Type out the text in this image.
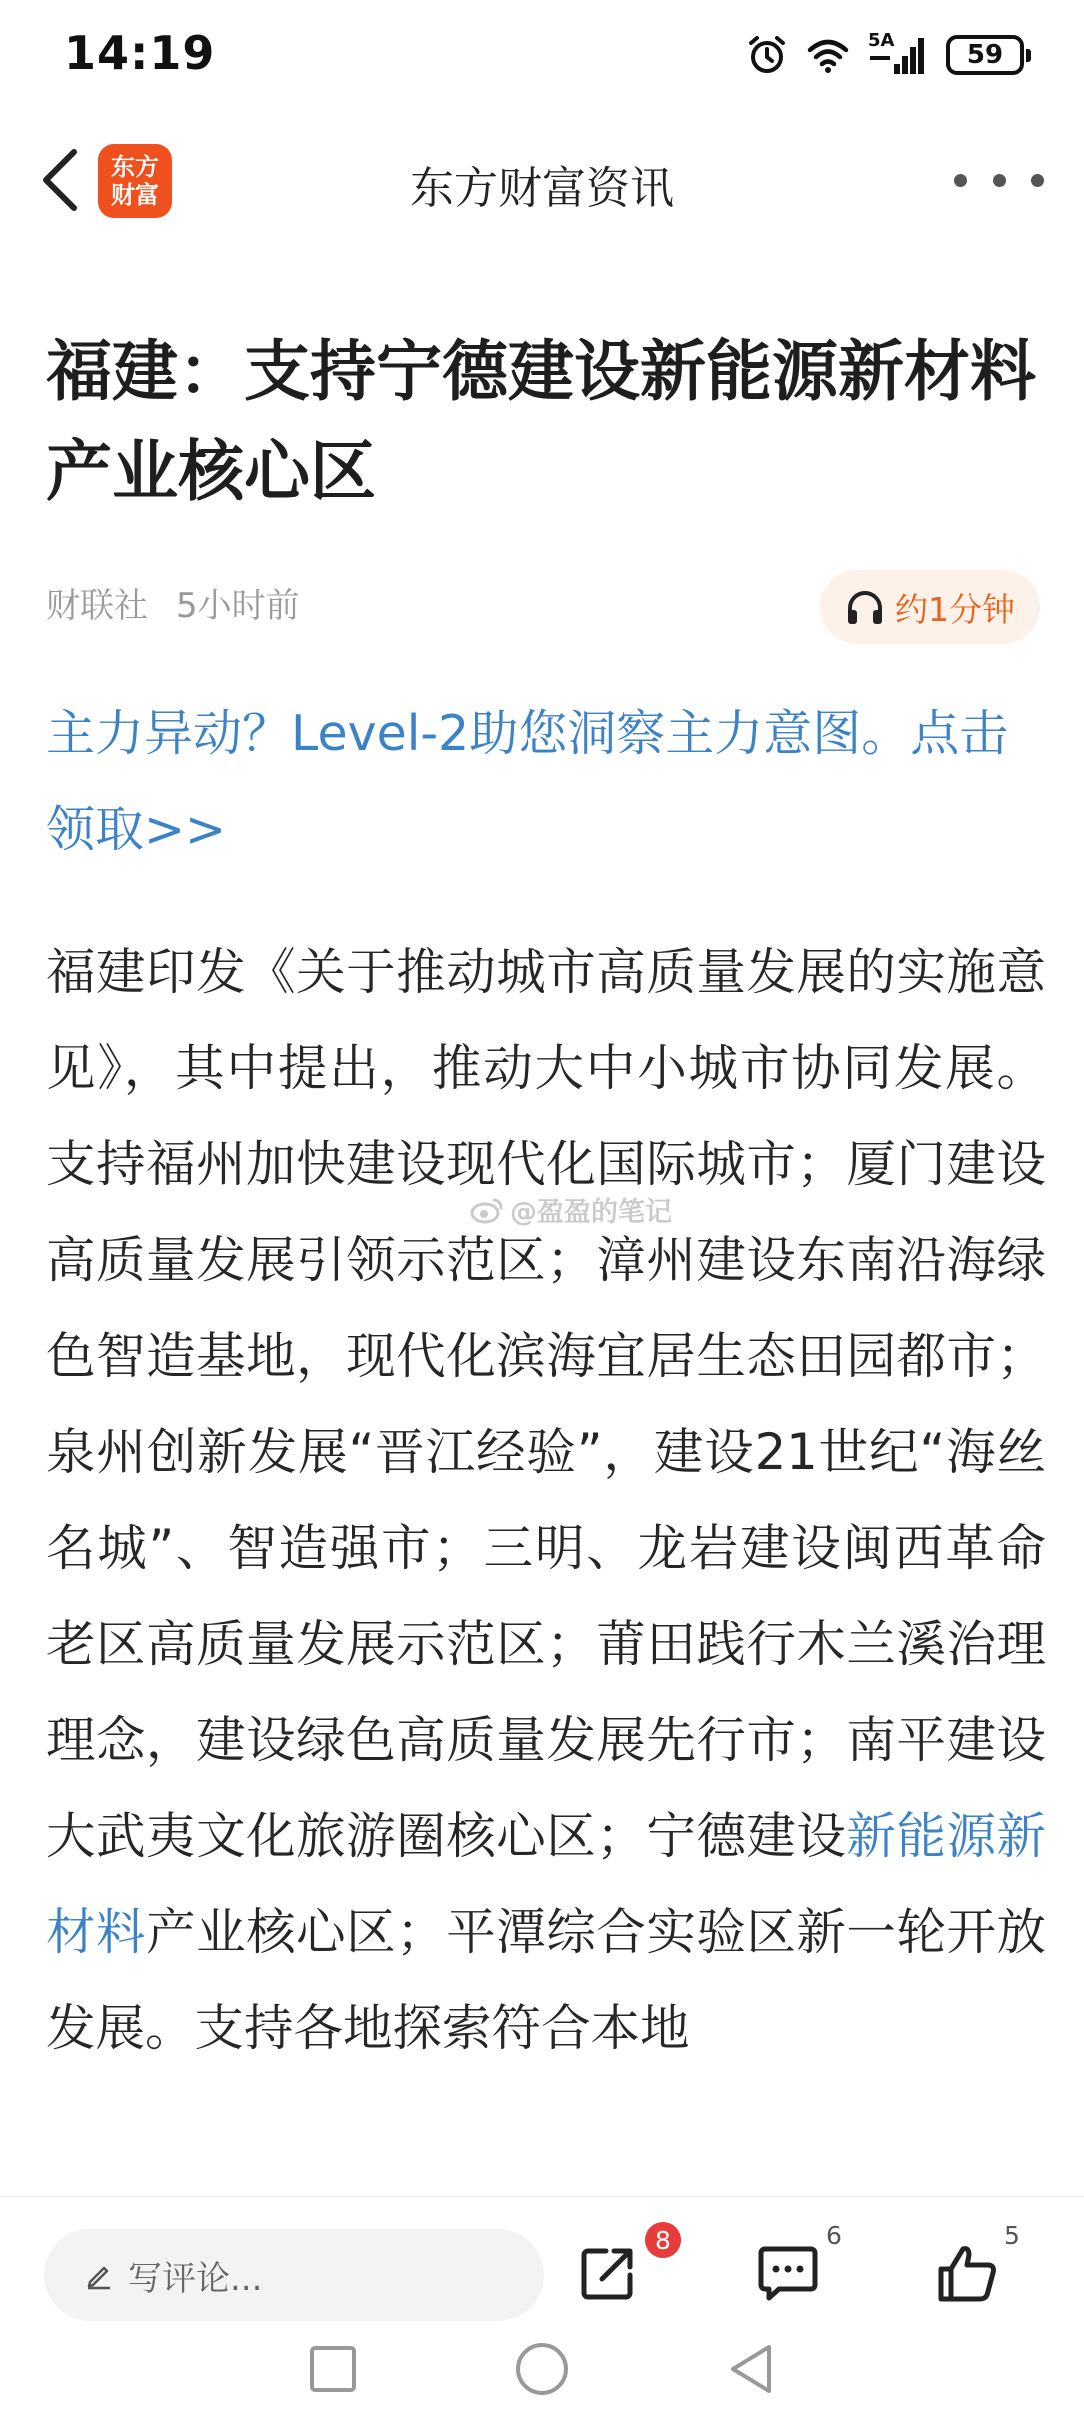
14:19	5A	59
东方
财富	东方财富资讯
福建：支持宁德建设新能源新材料产业核心区
财联社 5小时前	约1分钟
主力异动？Level-2助您洞察主力意图。点击领取>>
福建印发《关于推动城市高质量发展的实施意见》，其中提出，推动大中小城市协同发展。支持福州加快建设现代化国际城市；厦门建设高质量发展引领示范区；漳州建设东南沿海绿色智造基地，现代化滨海宜居生态田园都市；泉州创新发展“晋江经验”，建设21世纪“海丝名城”、智造强市；三明、龙岩建设闽西革命老区高质量发展示范区；莆田践行木兰溪治理理念，建设绿色高质量发展先行市；南平建设大武夷文化旅游圈核心区；宁德建设新能源新材料产业核心区；平潭综合实验区新一轮开放发展。支持各地探索符合本地
@盈盈的笔记
写评论...
8	6	5
